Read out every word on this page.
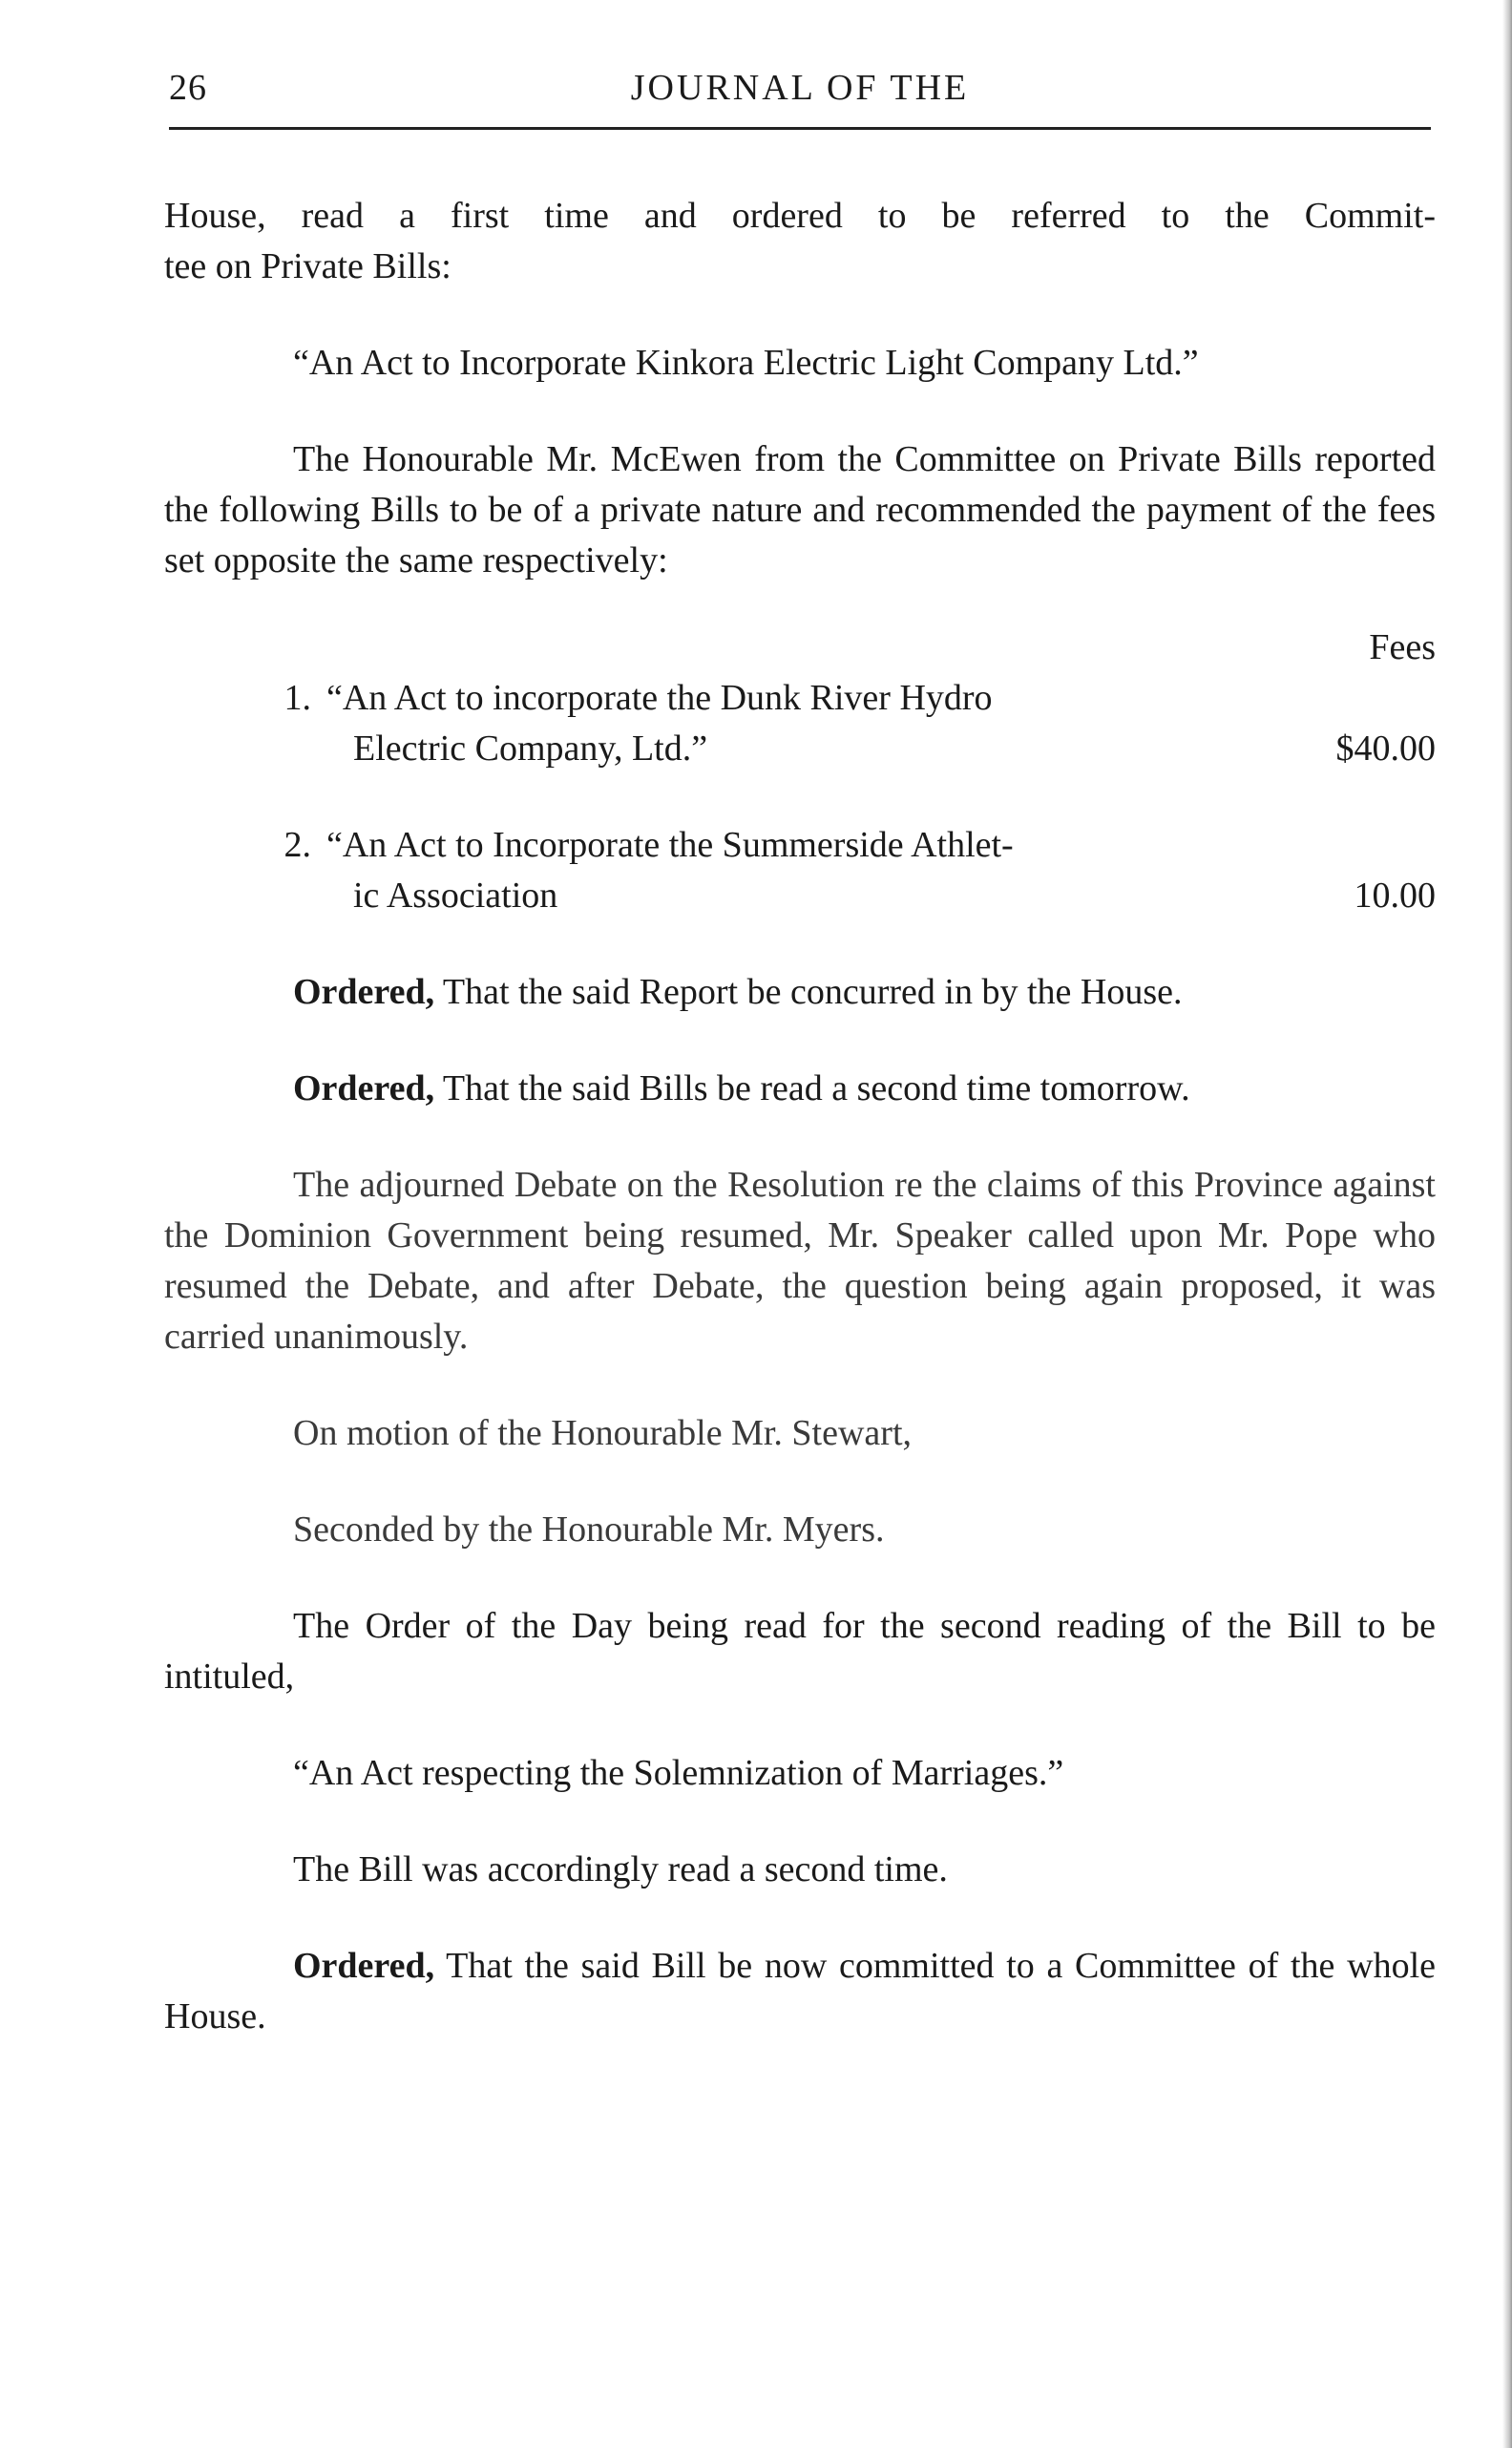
26	JOURNAL OF THE

House, read a first time and ordered to be referred to the Commit-

tee on Private Bills:

“An Act to Incorporate Kinkora Electric Light Company Ltd.”

The Honourable Mr. McEwen from the Committee on Private Bills reported the following Bills to be of a private nature and recommended the payment of the fees set opposite the same respectively:

Fees
1. “An Act to incorporate the Dunk River Hydro
Electric Company, Ltd.”	$40.00
2. “An Act to Incorporate the Summerside Athlet-
ic Association	10.00

Ordered, That the said Report be concurred in by the House.

Ordered, That the said Bills be read a second time tomorrow.

The adjourned Debate on the Resolution re the claims of this Province against the Dominion Government being resumed, Mr. Speaker called upon Mr. Pope who resumed the Debate, and after Debate, the question being again proposed, it was carried unanimously.

On motion of the Honourable Mr. Stewart,

Seconded by the Honourable Mr. Myers.

The Order of the Day being read for the second reading of the Bill to be intituled,

“An Act respecting the Solemnization of Marriages.”

The Bill was accordingly read a second time.

Ordered, That the said Bill be now committed to a Committee of the whole House.
